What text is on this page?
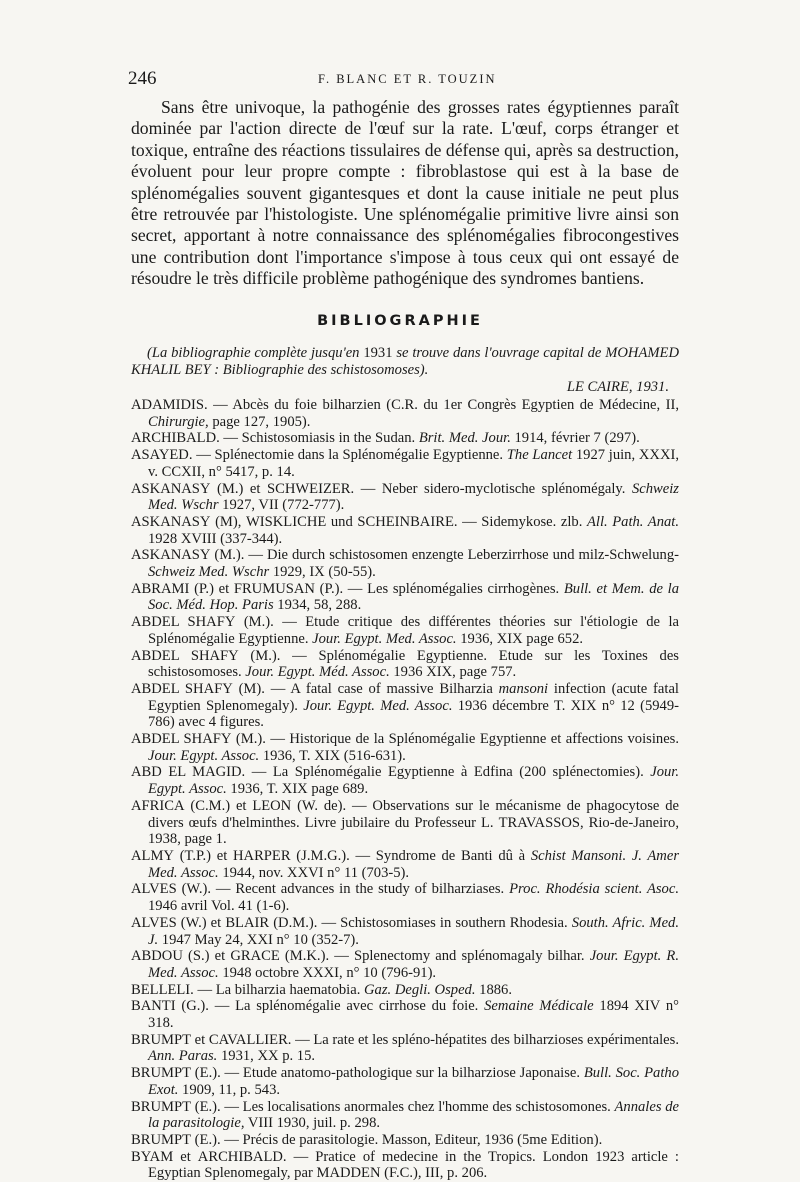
246	F. BLANC ET R. TOUZIN

Sans être univoque, la pathogénie des grosses rates égyptiennes paraît dominée par l'action directe de l'œuf sur la rate. L'œuf, corps étranger et toxique, entraîne des réactions tissulaires de défense qui, après sa destruction, évoluent pour leur propre compte : fibroblastose qui est à la base de splénomégalies souvent gigantesques et dont la cause initiale ne peut plus être retrouvée par l'histologiste. Une splénomégalie primitive livre ainsi son secret, apportant à notre connaissance des splénomégalies fibrocongestives une contribution dont l'importance s'impose à tous ceux qui ont essayé de résoudre le très difficile problème pathogénique des syndromes bantiens.

BIBLIOGRAPHIE

(La bibliographie complète jusqu'en 1931 se trouve dans l'ouvrage capital de MOHAMED KHALIL BEY : Bibliographie des schistosomoses).

LE CAIRE, 1931.

ADAMIDIS. — Abcès du foie bilharzien (C.R. du 1er Congrès Egyptien de Médecine, II, Chirurgie, page 127, 1905).

ARCHIBALD. — Schistosomiasis in the Sudan. Brit. Med. Jour. 1914, février 7 (297).

ASAYED. — Splénectomie dans la Splénomégalie Egyptienne. The Lancet 1927 juin, XXXI, v. CCXII, n° 5417, p. 14.

ASKANASY (M.) et SCHWEIZER. — Neber sidero-myclotische splénomégaly. Schweiz Med. Wschr 1927, VII (772-777).

ASKANASY (M), WISKLICHE und SCHEINBAIRE. — Sidemykose. zlb. All. Path. Anat. 1928 XVIII (337-344).

ASKANASY (M.). — Die durch schistosomen enzengte Leberzirrhose und milz-Schwelung-Schweiz Med. Wschr 1929, IX (50-55).

ABRAMI (P.) et FRUMUSAN (P.). — Les splénomégalies cirrhogènes. Bull. et Mem. de la Soc. Méd. Hop. Paris 1934, 58, 288.

ABDEL SHAFY (M.). — Etude critique des différentes théories sur l'étiologie de la Splénomégalie Egyptienne. Jour. Egypt. Med. Assoc. 1936, XIX page 652.

ABDEL SHAFY (M.). — Splénomégalie Egyptienne. Etude sur les Toxines des schistosomoses. Jour. Egypt. Méd. Assoc. 1936 XIX, page 757.

ABDEL SHAFY (M). — A fatal case of massive Bilharzia mansoni infection (acute fatal Egyptien Splenomegaly). Jour. Egypt. Med. Assoc. 1936 décembre T. XIX n° 12 (5949-786) avec 4 figures.

ABDEL SHAFY (M.). — Historique de la Splénomégalie Egyptienne et affections voisines. Jour. Egypt. Assoc. 1936, T. XIX (516-631).

ABD EL MAGID. — La Splénomégalie Egyptienne à Edfina (200 splénectomies). Jour. Egypt. Assoc. 1936, T. XIX page 689.

AFRICA (C.M.) et LEON (W. de). — Observations sur le mécanisme de phagocytose de divers œufs d'helminthes. Livre jubilaire du Professeur L. TRAVASSOS, Rio-de-Janeiro, 1938, page 1.

ALMY (T.P.) et HARPER (J.M.G.). — Syndrome de Banti dû à Schist Mansoni. J. Amer Med. Assoc. 1944, nov. XXVI n° 11 (703-5).

ALVES (W.). — Recent advances in the study of bilharziases. Proc. Rhodésia scient. Asoc. 1946 avril Vol. 41 (1-6).

ALVES (W.) et BLAIR (D.M.). — Schistosomiases in southern Rhodesia. South. Afric. Med. J. 1947 May 24, XXI n° 10 (352-7).

ABDOU (S.) et GRACE (M.K.). — Splenectomy and splénomagaly bilhar. Jour. Egypt. R. Med. Assoc. 1948 octobre XXXI, n° 10 (796-91).

BELLELI. — La bilharzia haematobia. Gaz. Degli. Osped. 1886.

BANTI (G.). — La splénomégalie avec cirrhose du foie. Semaine Médicale 1894 XIV n° 318.

BRUMPT et CAVALLIER. — La rate et les spléno-hépatites des bilharzioses expérimentales. Ann. Paras. 1931, XX p. 15.

BRUMPT (E.). — Etude anatomo-pathologique sur la bilharziose Japonaise. Bull. Soc. Patho Exot. 1909, 11, p. 543.

BRUMPT (E.). — Les localisations anormales chez l'homme des schistosomones. Annales de la parasitologie, VIII 1930, juil. p. 298.

BRUMPT (E.). — Précis de parasitologie. Masson, Editeur, 1936 (5me Edition).

BYAM et ARCHIBALD. — Pratice of medecine in the Tropics. London 1923 article : Egyptian Splenomegaly, par MADDEN (F.C.), III, p. 206.
